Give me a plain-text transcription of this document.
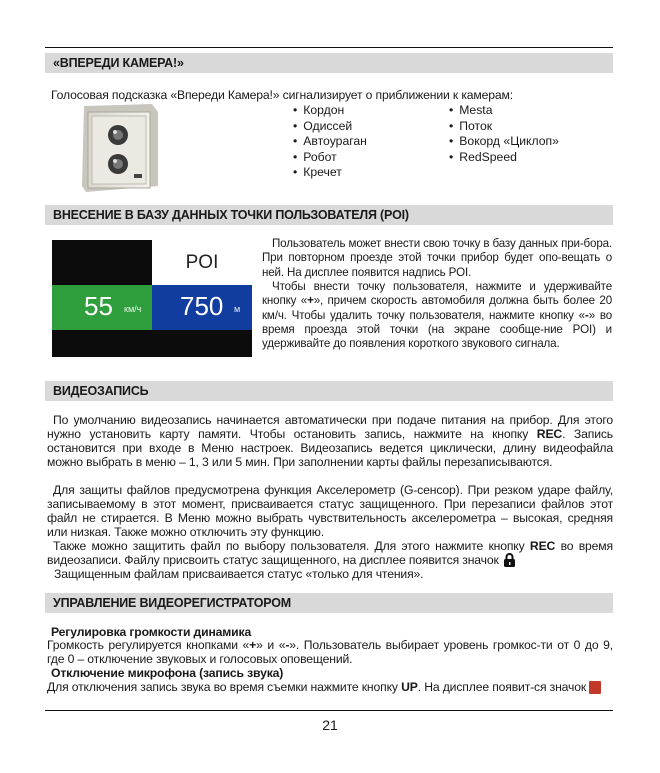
«ВПЕРЕДИ КАМЕРА!»
Голосовая подсказка «Впереди Камера!» сигнализирует о приближении к камерам:
• Кордон
• Одиссей
• Автоураган
• Робот
• Кречет
• Mesta
• Поток
• Вокорд «Циклоп»
• RedSpeed
ВНЕСЕНИЕ В БАЗУ ДАННЫХ ТОЧКИ ПОЛЬЗОВАТЕЛЯ (POI)
POI
55 км/ч 750 м
Пользователь может внести свою точку в базу данных при-бора. При повторном проезде этой точки прибор будет опо-вещать о ней. На дисплее появится надпись POI.
Чтобы внести точку пользователя, нажмите и удерживайте кнопку «+», причем скорость автомобиля должна быть более 20 км/ч. Чтобы удалить точку пользователя, нажмите кнопку «-» во время проезда этой точки (на экране сообще-ние POI) и удерживайте до появления короткого звукового сигнала.
ВИДЕОЗАПИСЬ
По умолчанию видеозапись начинается автоматически при подаче питания на прибор. Для этого нужно установить карту памяти. Чтобы остановить запись, нажмите на кнопку REC. Запись остановится при входе в Меню настроек. Видеозапись ведется циклически, длину видеофайла можно выбрать в меню – 1, 3 или 5 мин. При заполнении карты файлы перезаписываются.
Для защиты файлов предусмотрена функция Акселерометр (G-сенсор). При резком ударе файлу, записываемому в этот момент, присваивается статус защищенного. При перезаписи файлов этот файл не стирается. В Меню можно выбрать чувствительность акселерометра – высокая, средняя или низкая. Также можно отключить эту функцию.
Также можно защитить файл по выбору пользователя. Для этого нажмите кнопку REC во время видеозаписи. Файлу присвоить статус защищенного, на дисплее появится значок
Защищенным файлам присваивается статус «только для чтения».
УПРАВЛЕНИЕ ВИДЕОРЕГИСТРАТОРОМ
Регулировка громкости динамика
Громкость регулируется кнопками «+» и «-». Пользователь выбирает уровень громкос-ти от 0 до 9, где 0 – отключение звуковых и голосовых оповещений.
Отключение микрофона (запись звука)
Для отключения запись звука во время съемки нажмите кнопку UP. На дисплее появит-ся значок
21
